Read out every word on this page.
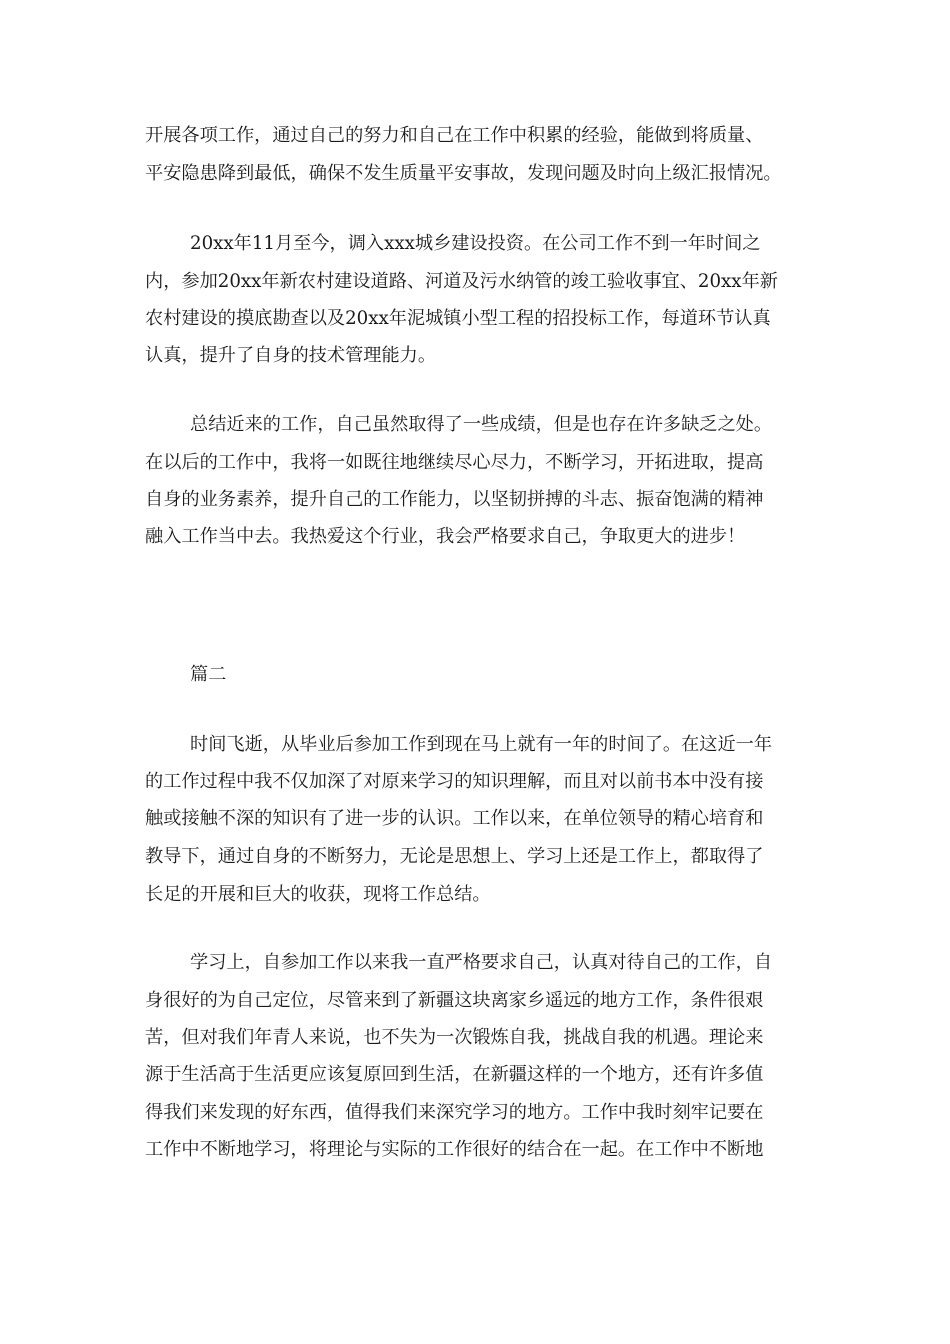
开展各项工作，通过自己的努力和自己在工作中积累的经验，能做到将质量、

平安隐患降到最低，确保不发生质量平安事故，发现问题及时向上级汇报情况。

20xx年11月至今，调入xxx城乡建设投资。在公司工作不到一年时间之

内，参加20xx年新农村建设道路、河道及污水纳管的竣工验收事宜、20xx年新

农村建设的摸底勘查以及20xx年泥城镇小型工程的招投标工作，每道环节认真

认真，提升了自身的技术管理能力。

总结近来的工作，自己虽然取得了一些成绩，但是也存在许多缺乏之处。

在以后的工作中，我将一如既往地继续尽心尽力，不断学习，开拓进取，提高

自身的业务素养，提升自己的工作能力，以坚韧拼搏的斗志、振奋饱满的精神

融入工作当中去。我热爱这个行业，我会严格要求自己，争取更大的进步！

篇二

时间飞逝，从毕业后参加工作到现在马上就有一年的时间了。在这近一年

的工作过程中我不仅加深了对原来学习的知识理解，而且对以前书本中没有接

触或接触不深的知识有了进一步的认识。工作以来，在单位领导的精心培育和

教导下，通过自身的不断努力，无论是思想上、学习上还是工作上，都取得了

长足的开展和巨大的收获，现将工作总结。

学习上，自参加工作以来我一直严格要求自己，认真对待自己的工作，自

身很好的为自己定位，尽管来到了新疆这块离家乡遥远的地方工作，条件很艰

苦，但对我们年青人来说，也不失为一次锻炼自我，挑战自我的机遇。理论来

源于生活高于生活更应该复原回到生活，在新疆这样的一个地方，还有许多值

得我们来发现的好东西，值得我们来深究学习的地方。工作中我时刻牢记要在

工作中不断地学习，将理论与实际的工作很好的结合在一起。在工作中不断地
